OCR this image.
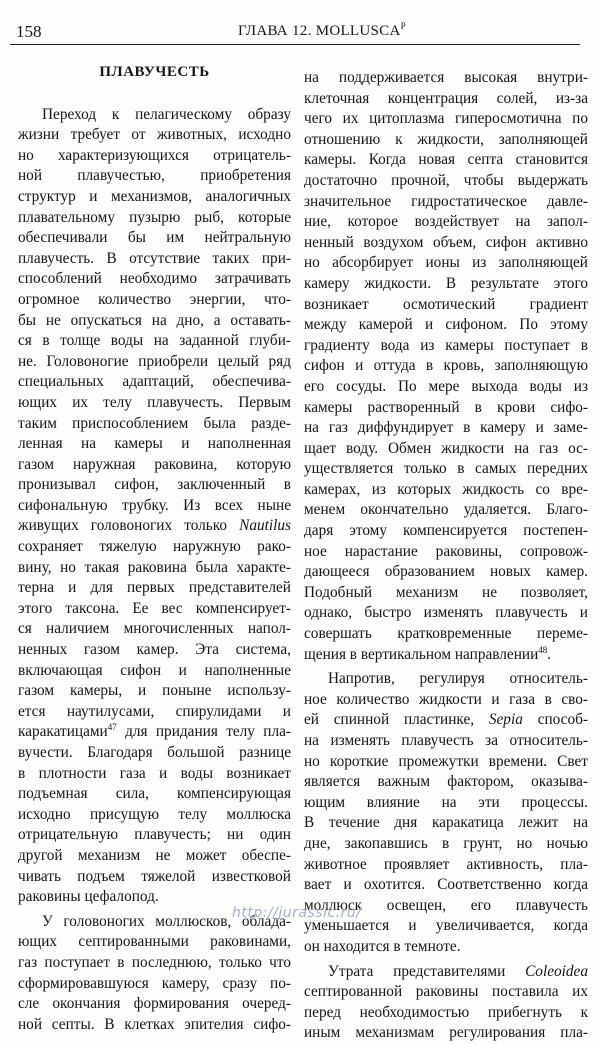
158	ГЛАВА 12. $MOLLUSCA^P$
ПЛАВУЧЕСТЬ
Переход к пелагическому образу
жизни требует от животных, исходно
но характеризующихся отрицатель-
ной плавучестью, приобретения
структур и механизмов, аналогичных
плавательному пузырю рыб, которые
обеспечивали бы им нейтральную
плавучесть. В отсутствие таких при-
способлений необходимо затрачивать
огромное количество энергии, что-
бы не опускаться на дно, а оставать-
ся в толще воды на заданной глуби-
не. Головоногие приобрели целый ряд
специальных адаптаций, обеспечива-
ющих их телу плавучесть. Первым
таким приспособлением была разде-
ленная на камеры и наполненная
газом наружная раковина, которую
пронизывал сифон, заключенный в
сифональную трубку. Из всех ныне
живущих головоногих только Nautilus
сохраняет тяжелую наружную рако-
вину, но такая раковина была характе-
терна и для первых представителей
этого таксона. Ее вес компенсирует-
ся наличием многочисленных напол-
ненных газом камер. Эта система,
включающая сифон и наполненные
газом камеры, и поныне использу-
ется наутилусами, спирулидами и
каракатицами$^{47}$ для придания телу пла-
вучести. Благодаря большой разнице
в плотности газа и воды возникает
подъемная сила, компенсирующая
исходно присущую телу моллюска
отрицательную плавучесть; ни один
другой механизм не может обеспе-
чивать подъем тяжелой известковой
раковины цефалопод.
У головоногих моллюсков, облада-
ющих септированными раковинами,
газ поступает в последнюю, только что
сформировавшуюся камеру, сразу по-
сле окончания формирования очеред-
ной септы. В клетках эпителия сифо-
на поддерживается высокая внутри-
клеточная концентрация солей, из-за
чего их цитоплазма гиперосмотична по
отношению к жидкости, заполняющей
камеры. Когда новая септа становится
достаточно прочной, чтобы выдержать
значительное гидростатическое давле-
ние, которое воздействует на запол-
ненный воздухом объем, сифон активно
но абсорбирует ионы из заполняющей
камеру жидкости. В результате этого
возникает осмотический градиент
между камерой и сифоном. По этому
градиенту вода из камеры поступает в
сифон и оттуда в кровь, заполняющую
его сосуды. По мере выхода воды из
камеры растворенный в крови сифо-
на газ диффундирует в камеру и заме-
щает воду. Обмен жидкости на газ ос-
уществляется только в самых передних
камерах, из которых жидкость со вре-
менем окончательно удаляется. Благо-
даря этому компенсируется постепен-
ное нарастание раковины, сопровож-
дающееся образованием новых камер.
Подобный механизм не позволяет,
однако, быстро изменять плавучесть и
совершать кратковременные переме-
щения в вертикальном направлении$^{48}$.
Напротив, регулируя относитель-
ное количество жидкости и газа в сво-
ей спинной пластинке, Sepia способ-
на изменять плавучесть за относитель-
но короткие промежутки времени. Свет
является важным фактором, оказыва-
ющим влияние на эти процессы.
В течение дня каракатица лежит на
дне, закопавшись в грунт, но ночью
животное проявляет активность, пла-
вает и охотится. Соответственно когда
моллюск освещен, его плавучесть
уменьшается и увеличивается, когда
он находится в темноте.
Утрата представителями Coleoidea
септированной раковины поставила их
перед необходимостью прибегнуть к
иным механизмам регулирования пла-
http://jurassic.ru/
